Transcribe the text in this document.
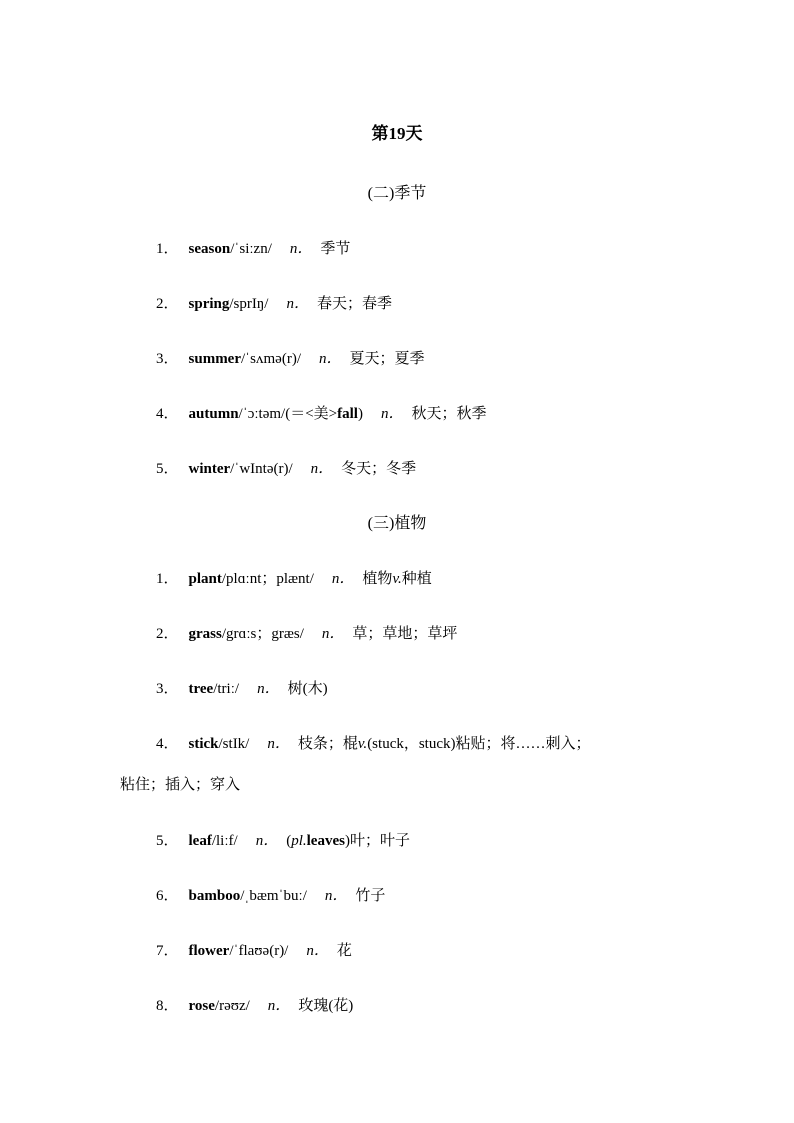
第19天
(二)季节
1． season/ˈsiːzn/ n． 季节
2． spring/sprIŋ/ n． 春天；春季
3． summer/ˈsʌmə(r)/ n． 夏天；夏季
4． autumn/ˈɔːtəm/(＝<美>fall) n． 秋天；秋季
5． winter/ˈwIntə(r)/ n． 冬天；冬季
(三)植物
1． plant/plɑːnt；plænt/ n． 植物v.种植
2． grass/grɑːs；græs/ n． 草；草地；草坪
3． tree/triː/ n． 树(木)
4． stick/stIk/ n． 枝条；棍v.(stuck，stuck)粘贴；将……刺入；
粘住；插入；穿入
5． leaf/liːf/ n． (pl.leaves)叶；叶子
6． bamboo/ˌbæmˈbuː/ n． 竹子
7． flower/ˈflaʊə(r)/ n． 花
8． rose/rəʊz/ n． 玫瑰(花)
